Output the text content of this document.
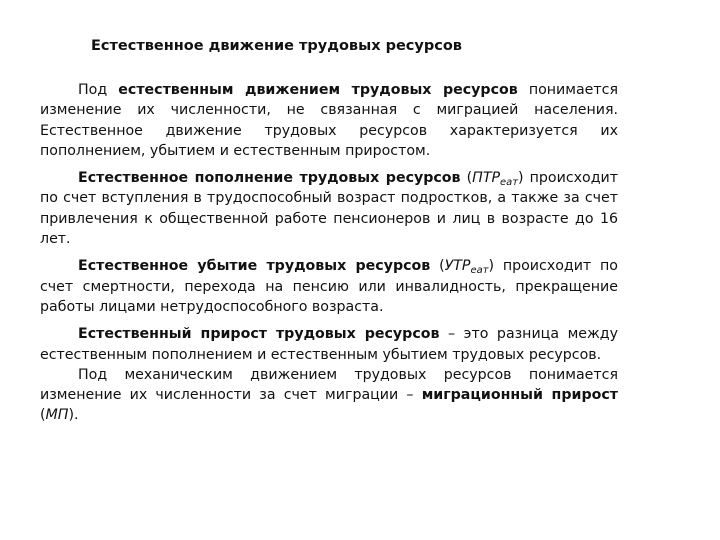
Естественное движение трудовых ресурсов

Под естественным движением трудовых ресурсов понимается изменение их численности, не связанная с миграцией населения. Естественное движение трудовых ресурсов характеризуется их пополнением, убытием и естественным приростом.

Естественное пополнение трудовых ресурсов $(ПТР_{еат})$ происходит по счет вступления в трудоспособный возраст подростков, а также за счет привлечения к общественной работе пенсионеров и лиц в возрасте до 16 лет.

Естественное убытие трудовых ресурсов $(УТР_{еат})$ происходит по счет смертности, перехода на пенсию или инвалидность, прекращение работы лицами нетрудоспособного возраста.

Естественный прирост трудовых ресурсов – это разница между естественным пополнением и естественным убытием трудовых ресурсов.

Под механическим движением трудовых ресурсов понимается изменение их численности за счет миграции – миграционный прирост (МП).
